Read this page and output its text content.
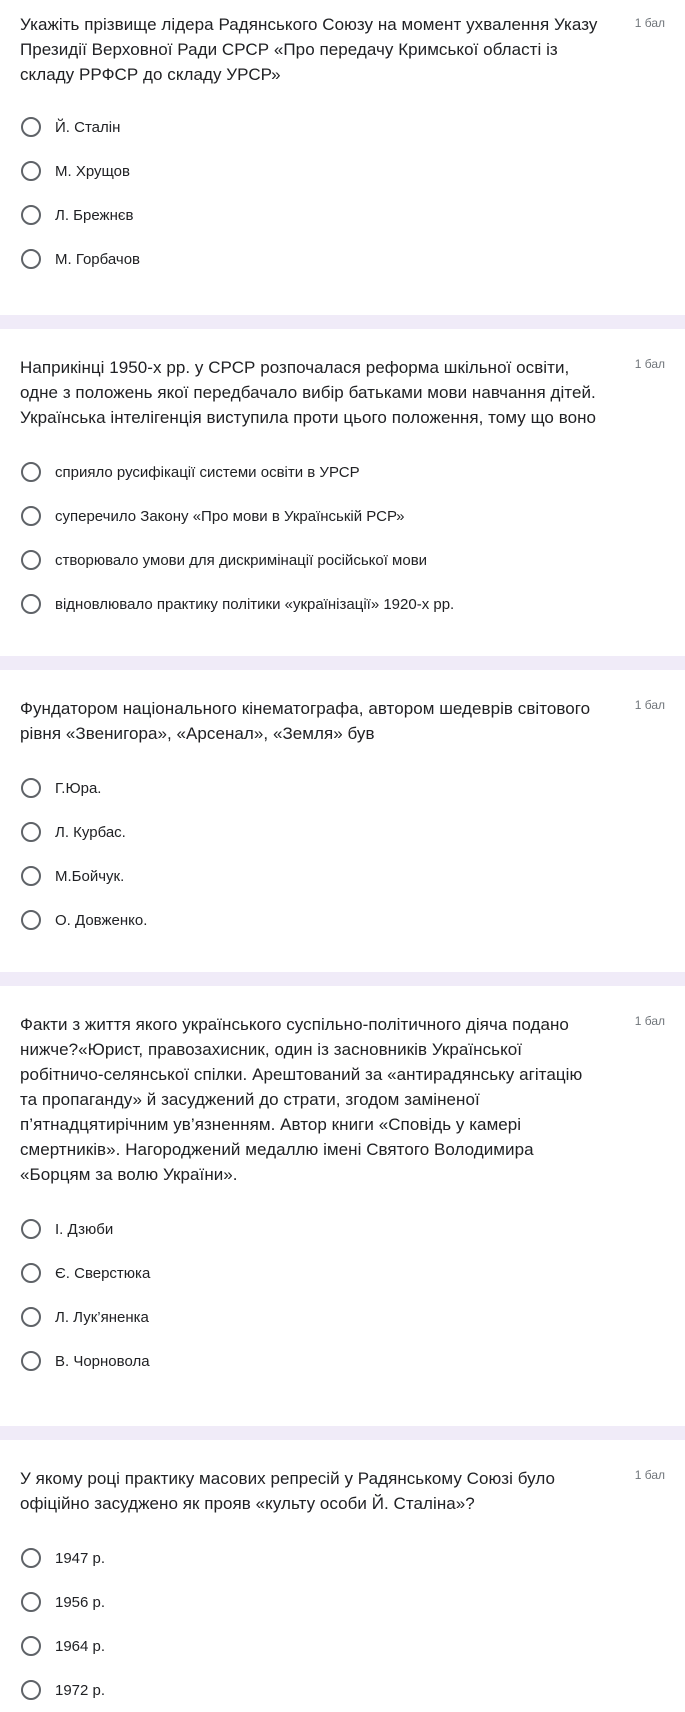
Укажіть прізвище лідера Радянського Союзу на момент ухвалення Указу Президії Верховної Ради СРСР «Про передачу Кримської області із складу РРФСР до складу УРСР»

1 бал
Й. Сталін
М. Хрущов
Л. Брежнєв
М. Горбачов

Наприкінці 1950-х рр. у СРСР розпочалася реформа шкільної освіти, одне з положень якої передбачало вибір батьками мови навчання дітей. Українська інтелігенція виступила проти цього положення, тому що воно

1 бал
сприяло русифікації системи освіти в УРСР
суперечило Закону «Про мови в Українській РСР»
створювало умови для дискримінації російської мови
відновлювало практику політики «українізації» 1920-х рр.

Фундатором національного кінематографа, автором шедеврів світового рівня «Звенигора», «Арсенал», «Земля» був

1 бал
Г.Юра.
Л. Курбас.
М.Бойчук.
О. Довженко.

Факти з життя якого українського суспільно-політичного діяча подано нижче?«Юрист, правозахисник, один із засновників Української робітничо-селянської спілки. Арештований за «антирадянську агітацію та пропаганду» й засуджений до страти, згодом заміненої п’ятнадцятирічним ув’язненням. Автор книги «Сповідь у камері смертників». Нагороджений медаллю імені Святого Володимира «Борцям за волю України».

1 бал
І. Дзюби
Є. Сверстюка
Л. Лук’яненка
В. Чорновола

У якому році практику масових репресій у Радянському Союзі було офіційно засуджено як прояв «культу особи Й. Сталіна»?

1 бал
1947 р.
1956 р.
1964 р.
1972 р.
